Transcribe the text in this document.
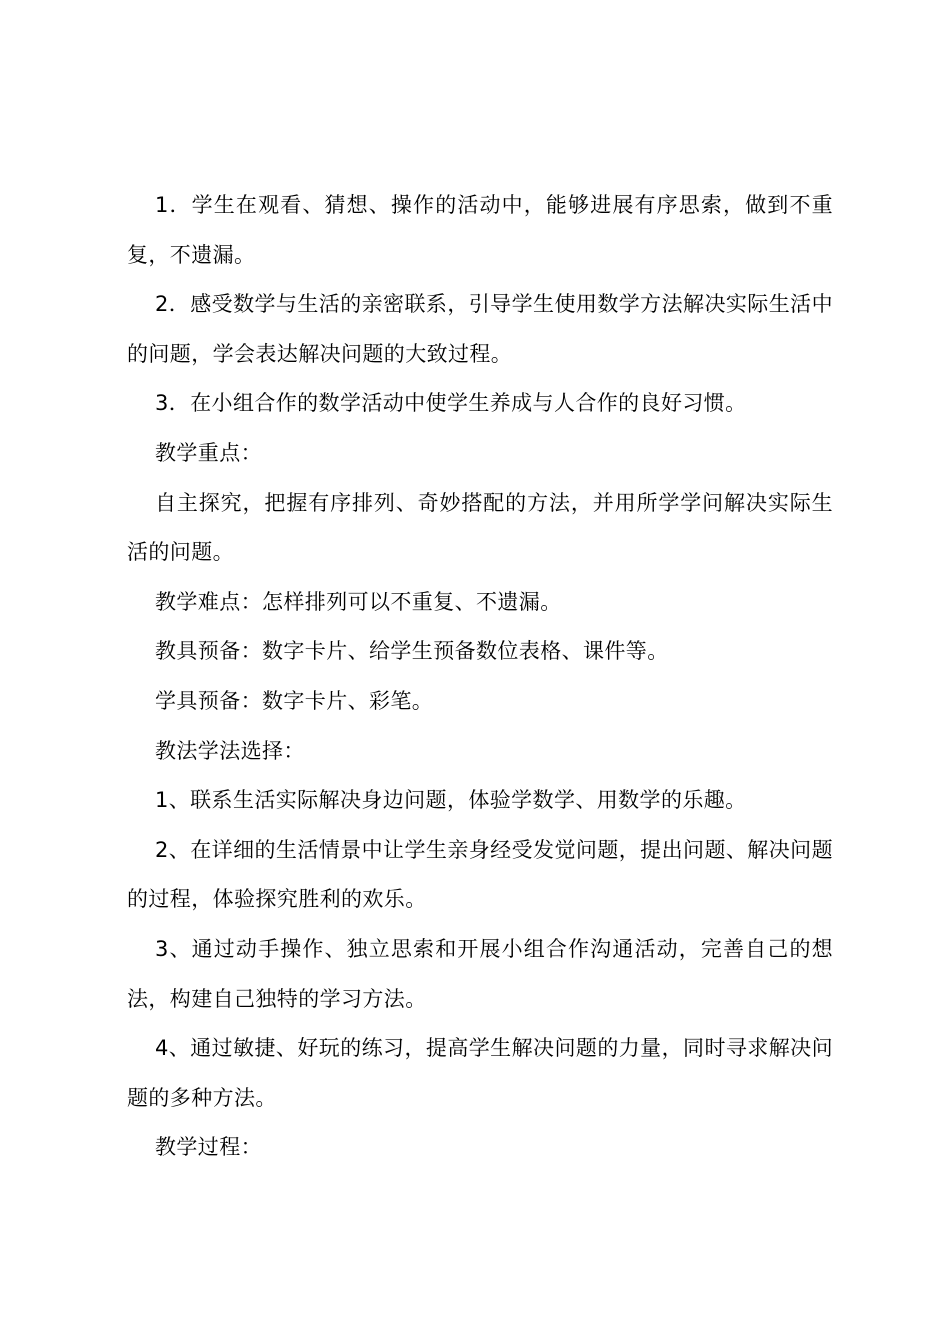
1．学生在观看、猜想、操作的活动中，能够进展有序思索，做到不重复，不遗漏。

2．感受数学与生活的亲密联系，引导学生使用数学方法解决实际生活中的问题，学会表达解决问题的大致过程。

3．在小组合作的数学活动中使学生养成与人合作的良好习惯。

教学重点：

自主探究，把握有序排列、奇妙搭配的方法，并用所学学问解决实际生活的问题。

教学难点：怎样排列可以不重复、不遗漏。

教具预备：数字卡片、给学生预备数位表格、课件等。

学具预备：数字卡片、彩笔。

教法学法选择：

1、联系生活实际解决身边问题，体验学数学、用数学的乐趣。

2、在详细的生活情景中让学生亲身经受发觉问题，提出问题、解决问题的过程，体验探究胜利的欢乐。

3、通过动手操作、独立思索和开展小组合作沟通活动，完善自己的想法，构建自己独特的学习方法。

4、通过敏捷、好玩的练习，提高学生解决问题的力量，同时寻求解决问题的多种方法。

教学过程：
